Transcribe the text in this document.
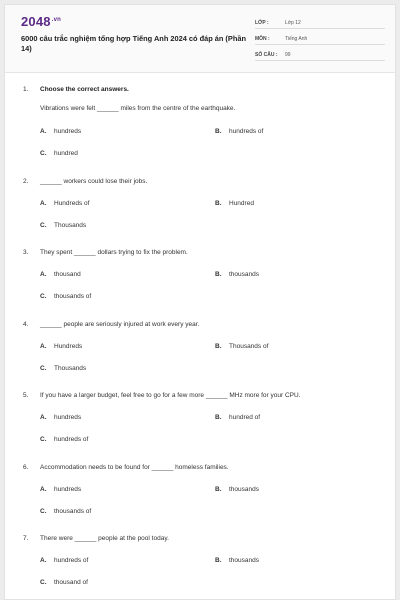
$2048^{.vn}$
6000 câu trắc nghiệm tổng hợp Tiếng Anh 2024 có đáp án (Phần 14)
LỚP :	Lớp 12
MÔN :	Tiếng Anh
SỐ CÂU :	99
1. Choose the correct answers.
Vibrations were felt ______ miles from the centre of the earthquake.
A. hundreds	B. hundreds of
C. hundred
2. ______ workers could lose their jobs.
A. Hundreds of	B. Hundred
C. Thousands
3. They spent ______ dollars trying to fix the problem.
A. thousand	B. thousands
C. thousands of
4. ______ people are seriously injured at work every year.
A. Hundreds	B. Thousands of
C. Thousands
5. If you have a larger budget, feel free to go for a few more ______ MHz more for your CPU.
A. hundreds	B. hundred of
C. hundreds of
6. Accommodation needs to be found for ______ homeless families.
A. hundreds	B. thousands
C. thousands of
7. There were ______ people at the pool today.
A. hundreds of	B. thousands
C. thousand of
